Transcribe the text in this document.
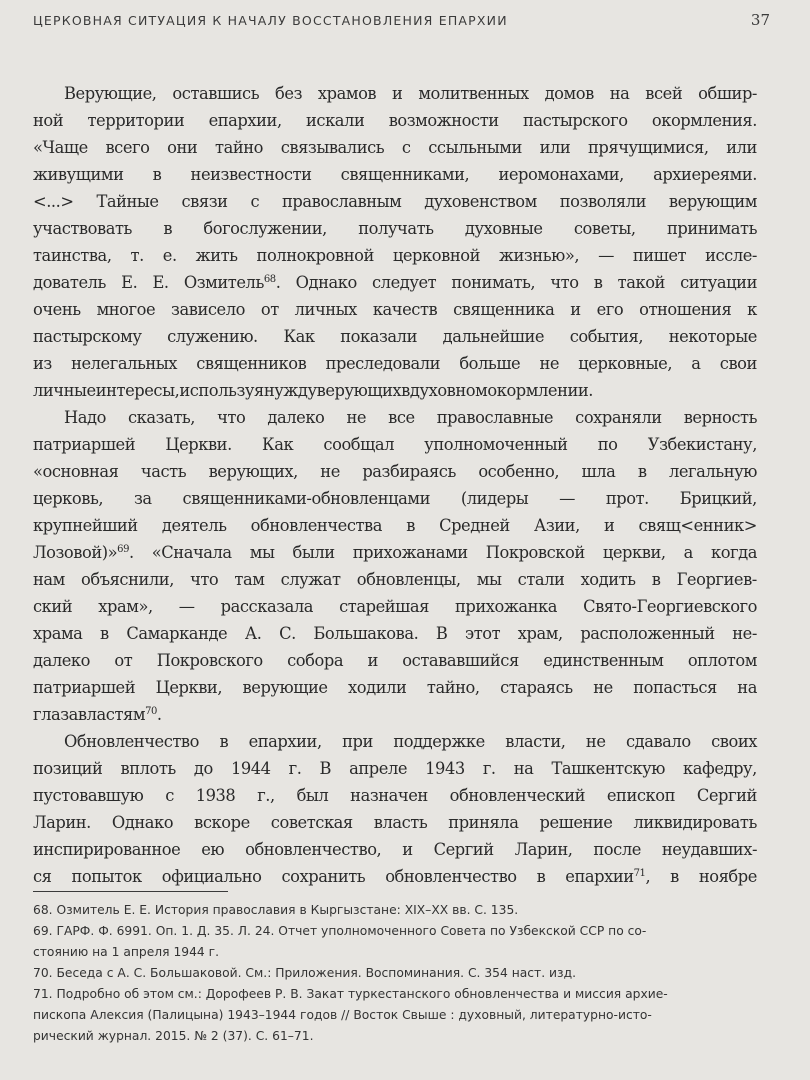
ЦЕРКОВНАЯ СИТУАЦИЯ К НАЧАЛУ ВОССТАНОВЛЕНИЯ ЕПАРХИИ	37
Верующие, оставшись без храмов и молитвенных домов на всей обшир-
ной территории епархии, искали возможности пастырского окормления.
«Чаще всего они тайно связывались с ссыльными или прячущимися, или
живущими в неизвестности священниками, иеромонахами, архиереями.
<...> Тайные связи с православным духовенством позволяли верующим
участвовать в богослужении, получать духовные советы, принимать
таинства, т. е. жить полнокровной церковной жизнью», — пишет иссле-
дователь Е. Е. Озмитель$^{68}$. Однако следует понимать, что в такой ситуации
очень многое зависело от личных качеств священника и его отношения к
пастырскому служению. Как показали дальнейшие события, некоторые
из нелегальных священников преследовали больше не церковные, а свои
личные интересы, используя нужду верующих в духовном окормлении.
Надо сказать, что далеко не все православные сохраняли верность
патриаршей Церкви. Как сообщал уполномоченный по Узбекистану,
«основная часть верующих, не разбираясь особенно, шла в легальную
церковь, за священниками-обновленцами (лидеры — прот. Брицкий,
крупнейший деятель обновленчества в Средней Азии, и свящ<енник>
Лозовой)»$^{69}$. «Сначала мы были прихожанами Покровской церкви, а когда
нам объяснили, что там служат обновленцы, мы стали ходить в Георгиев-
ский храм», — рассказала старейшая прихожанка Свято-Георгиевского
храма в Самарканде А. С. Большакова. В этот храм, расположенный не-
далеко от Покровского собора и остававшийся единственным оплотом
патриаршей Церкви, верующие ходили тайно, стараясь не попасться на
глаза властям$^{70}$.
Обновленчество в епархии, при поддержке власти, не сдавало своих
позиций вплоть до 1944 г. В апреле 1943 г. на Ташкентскую кафедру,
пустовавшую с 1938 г., был назначен обновленческий епископ Сергий
Ларин. Однако вскоре советская власть приняла решение ликвидировать
инспирированное ею обновленчество, и Сергий Ларин, после неудавших-
ся попыток официально сохранить обновленчество в епархии$^{71}$, в ноябре
68. Озмитель Е. Е. История православия в Кыргызстане: XIX–XX вв. С. 135.
69. ГАРФ. Ф. 6991. Оп. 1. Д. 35. Л. 24. Отчет уполномоченного Совета по Узбекской ССР по со-
стоянию на 1 апреля 1944 г.
70. Беседа с А. С. Большаковой. См.: Приложения. Воспоминания. С. 354 наст. изд.
71. Подробно об этом см.: Дорофеев Р. В. Закат туркестанского обновленчества и миссия архие-
пископа Алексия (Палицына) 1943–1944 годов // Восток Свыше : духовный, литературно-исто-
рический журнал. 2015. № 2 (37). С. 61–71.
